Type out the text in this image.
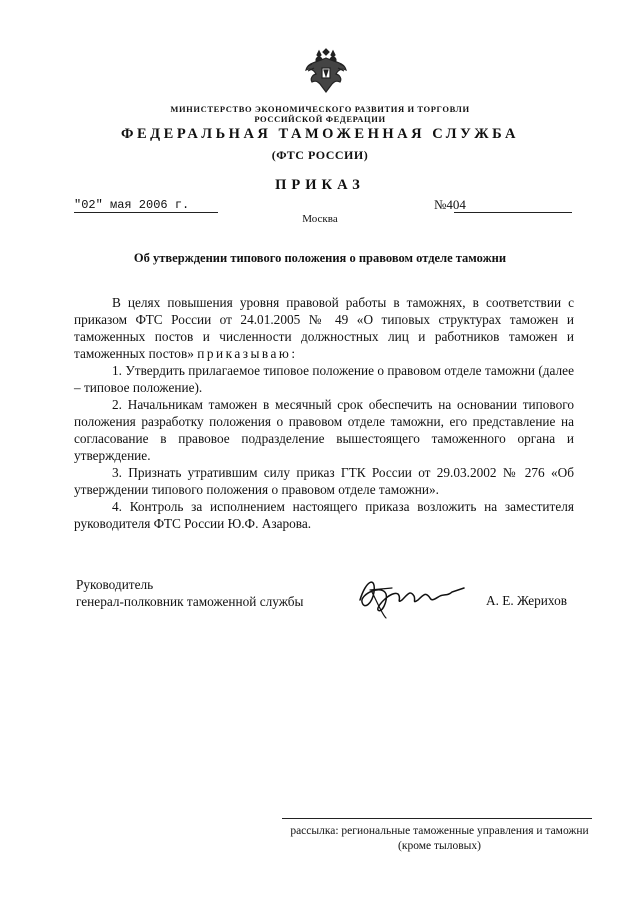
МИНИСТЕРСТВО ЭКОНОМИЧЕСКОГО РАЗВИТИЯ И ТОРГОВЛИ
РОССИЙСКОЙ ФЕДЕРАЦИИ
ФЕДЕРАЛЬНАЯ ТАМОЖЕННАЯ СЛУЖБА
(ФТС РОССИИ)
ПРИКАЗ
"02" мая 2006 г.	№404
Москва
Об утверждении типового положения о правовом отделе таможни

В целях повышения уровня правовой работы в таможнях, в соответствии с приказом ФТС России от 24.01.2005 № 49 «О типовых структурах таможен и таможенных постов и численности должностных лиц и работников таможен и таможенных постов» приказываю:

1. Утвердить прилагаемое типовое положение о правовом отделе таможни (далее – типовое положение).

2. Начальникам таможен в месячный срок обеспечить на основании типового положения разработку положения о правовом отделе таможни, его представление на согласование в правовое подразделение вышестоящего таможенного органа и утверждение.

3. Признать утратившим силу приказ ГТК России от 29.03.2002 № 276 «Об утверждении типового положения о правовом отделе таможни».

4. Контроль за исполнением настоящего приказа возложить на заместителя руководителя ФТС России Ю.Ф. Азарова.

Руководитель
генерал-полковник таможенной службы	А. Е. Жерихов
рассылка: региональные таможенные управления и таможни
(кроме тыловых)
